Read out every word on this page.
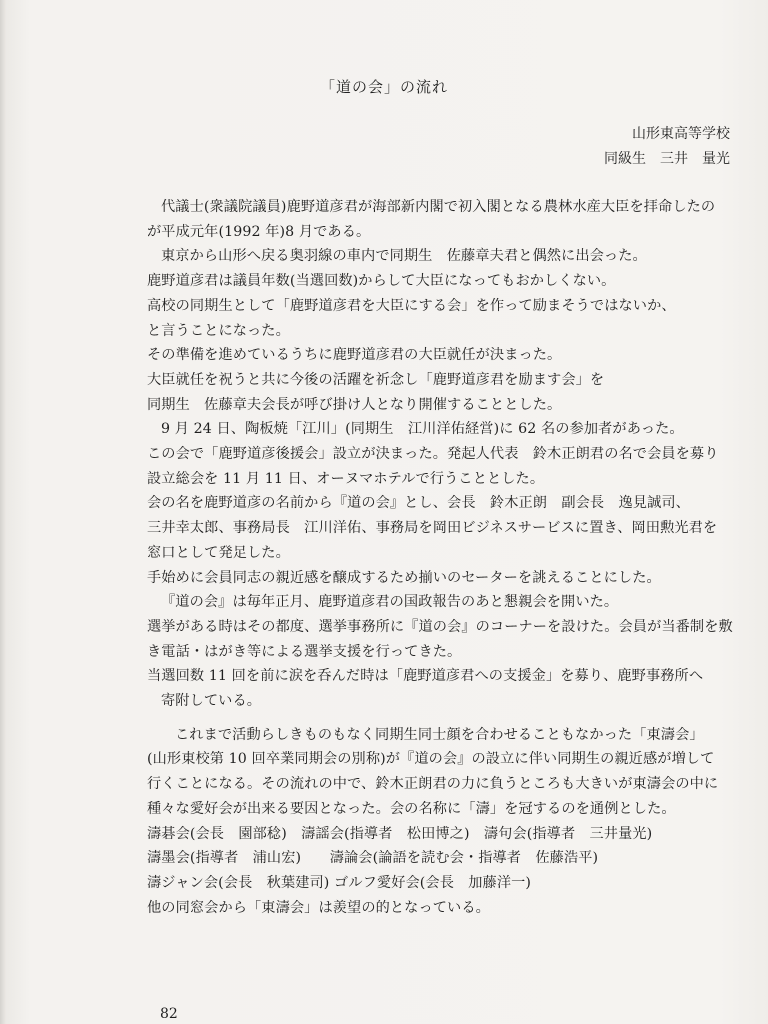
「道の会」の流れ
山形東高等学校
同級生　三井　量光

代議士(衆議院議員)鹿野道彦君が海部新内閣で初入閣となる農林水産大臣を拝命したの

が平成元年(1992 年)8 月である。

東京から山形へ戻る奥羽線の車内で同期生　佐藤章夫君と偶然に出会った。

鹿野道彦君は議員年数(当選回数)からして大臣になってもおかしくない。

高校の同期生として「鹿野道彦君を大臣にする会」を作って励まそうではないか、

と言うことになった。

その準備を進めているうちに鹿野道彦君の大臣就任が決まった。

大臣就任を祝うと共に今後の活躍を祈念し「鹿野道彦君を励ます会」を

同期生　佐藤章夫会長が呼び掛け人となり開催することとした。

9 月 24 日、陶板焼「江川」(同期生　江川洋佑経営)に 62 名の参加者があった。

この会で「鹿野道彦後援会」設立が決まった。発起人代表　鈴木正朗君の名で会員を募り

設立総会を 11 月 11 日、オーヌマホテルで行うこととした。

会の名を鹿野道彦の名前から『道の会』とし、会長　鈴木正朗　副会長　逸見誠司、

三井幸太郎、事務局長　江川洋佑、事務局を岡田ビジネスサービスに置き、岡田勲光君を

窓口として発足した。

手始めに会員同志の親近感を醸成するため揃いのセーターを誂えることにした。

『道の会』は毎年正月、鹿野道彦君の国政報告のあと懇親会を開いた。

選挙がある時はその都度、選挙事務所に『道の会』のコーナーを設けた。会員が当番制を敷

き電話・はがき等による選挙支援を行ってきた。

当選回数 11 回を前に涙を呑んだ時は「鹿野道彦君への支援金」を募り、鹿野事務所へ

寄附している。

これまで活動らしきものもなく同期生同士顔を合わせることもなかった「東濤会」

(山形東校第 10 回卒業同期会の別称)が『道の会』の設立に伴い同期生の親近感が増して

行くことになる。その流れの中で、鈴木正朗君の力に負うところも大きいが東濤会の中に

種々な愛好会が出来る要因となった。会の名称に「濤」を冠するのを通例とした。

濤碁会(会長　園部稔)　濤謡会(指導者　松田博之)　濤句会(指導者　三井量光)

濤墨会(指導者　浦山宏)　　濤論会(論語を読む会・指導者　佐藤浩平)

濤ジャン会(会長　秋葉建司) ゴルフ愛好会(会長　加藤洋一)

他の同窓会から「東濤会」は羨望の的となっている。

82
